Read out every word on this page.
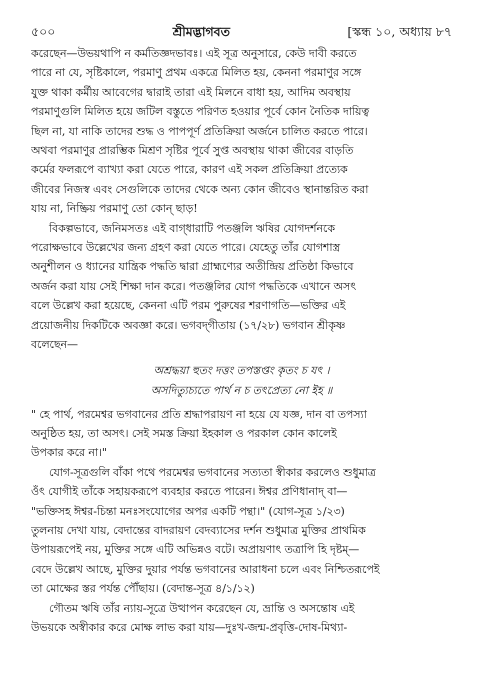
৫০০	শ্রীমদ্ভাগবত	[স্কন্ধ ১০, অধ্যায় ৮৭
করেছেন—উভয়থাপি ন কর্মতিজ্ঞদভাবঃ। এই সূত্র অনুসারে, কেউ দাবী করতে
পারে না যে, সৃষ্টিকালে, পরমাণু প্রথম একত্রে মিলিত হয়, কেননা পরমাণুর সঙ্গে
যুক্ত থাকা কর্মীয় আবেগের দ্বারাই তারা এই মিলনে বাধা হয়, আদিম অবস্থায়
পরমাণুগুলি মিলিত হয়ে জটিল বস্তুতে পরিণত হওয়ার পূর্বে কোন নৈতিক দায়িত্ব
ছিল না, যা নাকি তাদের শুদ্ধ ও পাপপূর্ণ প্রতিক্রিয়া অর্জনে চালিত করতে পারে।
অথবা পরমাণুর প্রারম্ভিক মিশ্রণ সৃষ্টির পূর্বে সুপ্ত অবস্থায় থাকা জীবের বাড়তি
কর্মের ফলরূপে ব্যাখ্যা করা যেতে পারে, কারণ এই সকল প্রতিক্রিয়া প্রত্যেক
জীবের নিজস্ব এবং সেগুলিকে তাদের থেকে অন্য কোন জীবেও স্থানান্তরিত করা
যায় না, নিষ্ক্রিয় পরমাণু তো কোন্ ছাড়!
বিকল্পভাবে, জনিমসতঃ এই বাগ্‌ধারাটি পতঞ্জলি ঋষির যোগদর্শনকে
পরোক্ষভাবে উল্লেখের জন্য গ্রহণ করা যেতে পারে। যেহেতু তাঁর যোগশাস্ত্র
অনুশীলন ও ধ্যানের যান্ত্রিক পদ্ধতি দ্বারা গ্রাহ্মণ্যের অতীন্দ্রিয় প্রতিষ্ঠা কিভাবে
অর্জন করা যায় সেই শিক্ষা দান করে। পতঞ্জলির যোগ পদ্ধতিকে এখানে অসৎ
বলে উল্লেখ করা হয়েছে, কেননা এটি পরম পুরুষের শরণাগতি—ভক্তির এই
প্রয়োজনীয় দিকটিকে অবজ্ঞা করে। ভগবদ্‌গীতায় (১৭/২৮) ভগবান শ্রীকৃষ্ণ
বলেছেন—
অশ্রদ্ধয়া হুতং দত্তং তপস্তপ্তং কৃতং চ যৎ ।
অসদিত্যুচ্যতে পার্থ ন চ তৎপ্রেত্য নো ইহ ॥
" হে পার্থ, পরমেশ্বর ভগবানের প্রতি শ্রদ্ধাপরায়ণ না হয়ে যে যজ্ঞ, দান বা তপস্যা
অনুষ্ঠিত হয়, তা অসৎ। সেই সমস্ত ক্রিয়া ইহকাল ও পরকাল কোন কালেই
উপকার করে না।"
যোগ-সূত্রগুলি বাঁকা পথে পরমেশ্বর ভগবানের সত্যতা স্বীকার করলেও শুধুমাত্র
ওঁৎ যোগীই তাঁকে সহায়করূপে ব্যবহার করতে পারেন। ঈশ্বর প্রণিধানাদ্ বা—
"ভক্তিসহ ঈশ্বর-চিন্তা মনঃসংযোগের অপর একটি পন্থা।" (যোগ-সূত্র ১/২৩)
তুলনায় দেখা যায়, বেদান্তের বাদরায়ণ বেদব্যাসের দর্শন শুধুমাত্র মুক্তির প্রাথমিক
উপায়রূপেই নয়, মুক্তির সঙ্গে এটি অভিন্নও বটে। অপ্রায়ণাৎ তত্রাপি হি দৃষ্টম্—
বেদে উল্লেখ আছে, মুক্তির দুয়ার পর্যন্ত ভগবানের আরাধনা চলে এবং নিশ্চিতরূপেই
তা মোক্ষের স্তর পর্যন্ত পৌঁছায়। (বেদান্ত-সূত্র ৪/১/১২)
গৌতম ঋষি তাঁর ন্যায়-সূত্রে উত্থাপন করেছেন যে, ভ্রান্তি ও অসন্তোষ এই
উভয়কে অস্বীকার করে মোক্ষ লাভ করা যায়—দুঃখ-জন্ম-প্রবৃত্তি-দোষ-মিথ্যা-
